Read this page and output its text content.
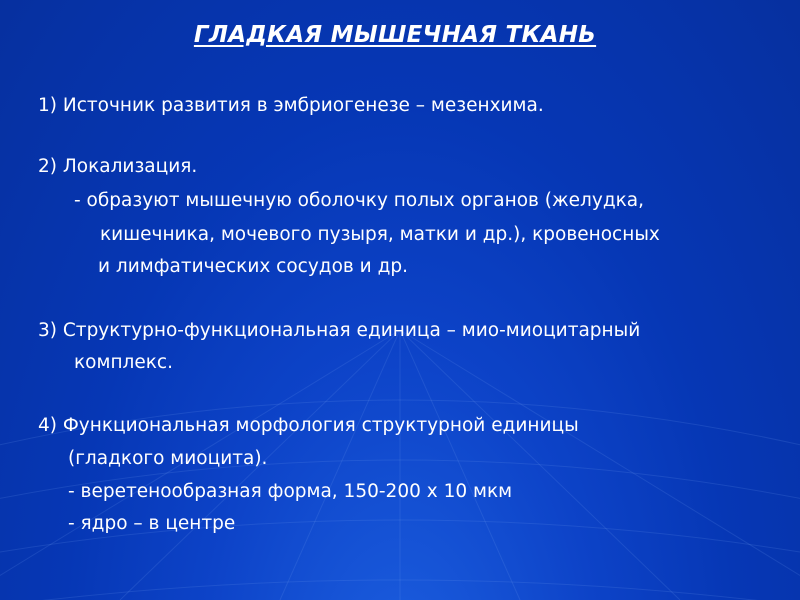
ГЛАДКАЯ МЫШЕЧНАЯ ТКАНЬ
1) Источник развития в эмбриогенезе – мезенхима.
2) Локализация.
- образуют мышечную оболочку полых органов (желудка,
кишечника, мочевого пузыря, матки и др.), кровеносных
и лимфатических сосудов и др.
3) Структурно-функциональная единица – мио-миоцитарный
комплекс.
4) Функциональная морфология структурной единицы
(гладкого миоцита).
- веретенообразная форма, 150-200 х 10 мкм
- ядро – в центре
